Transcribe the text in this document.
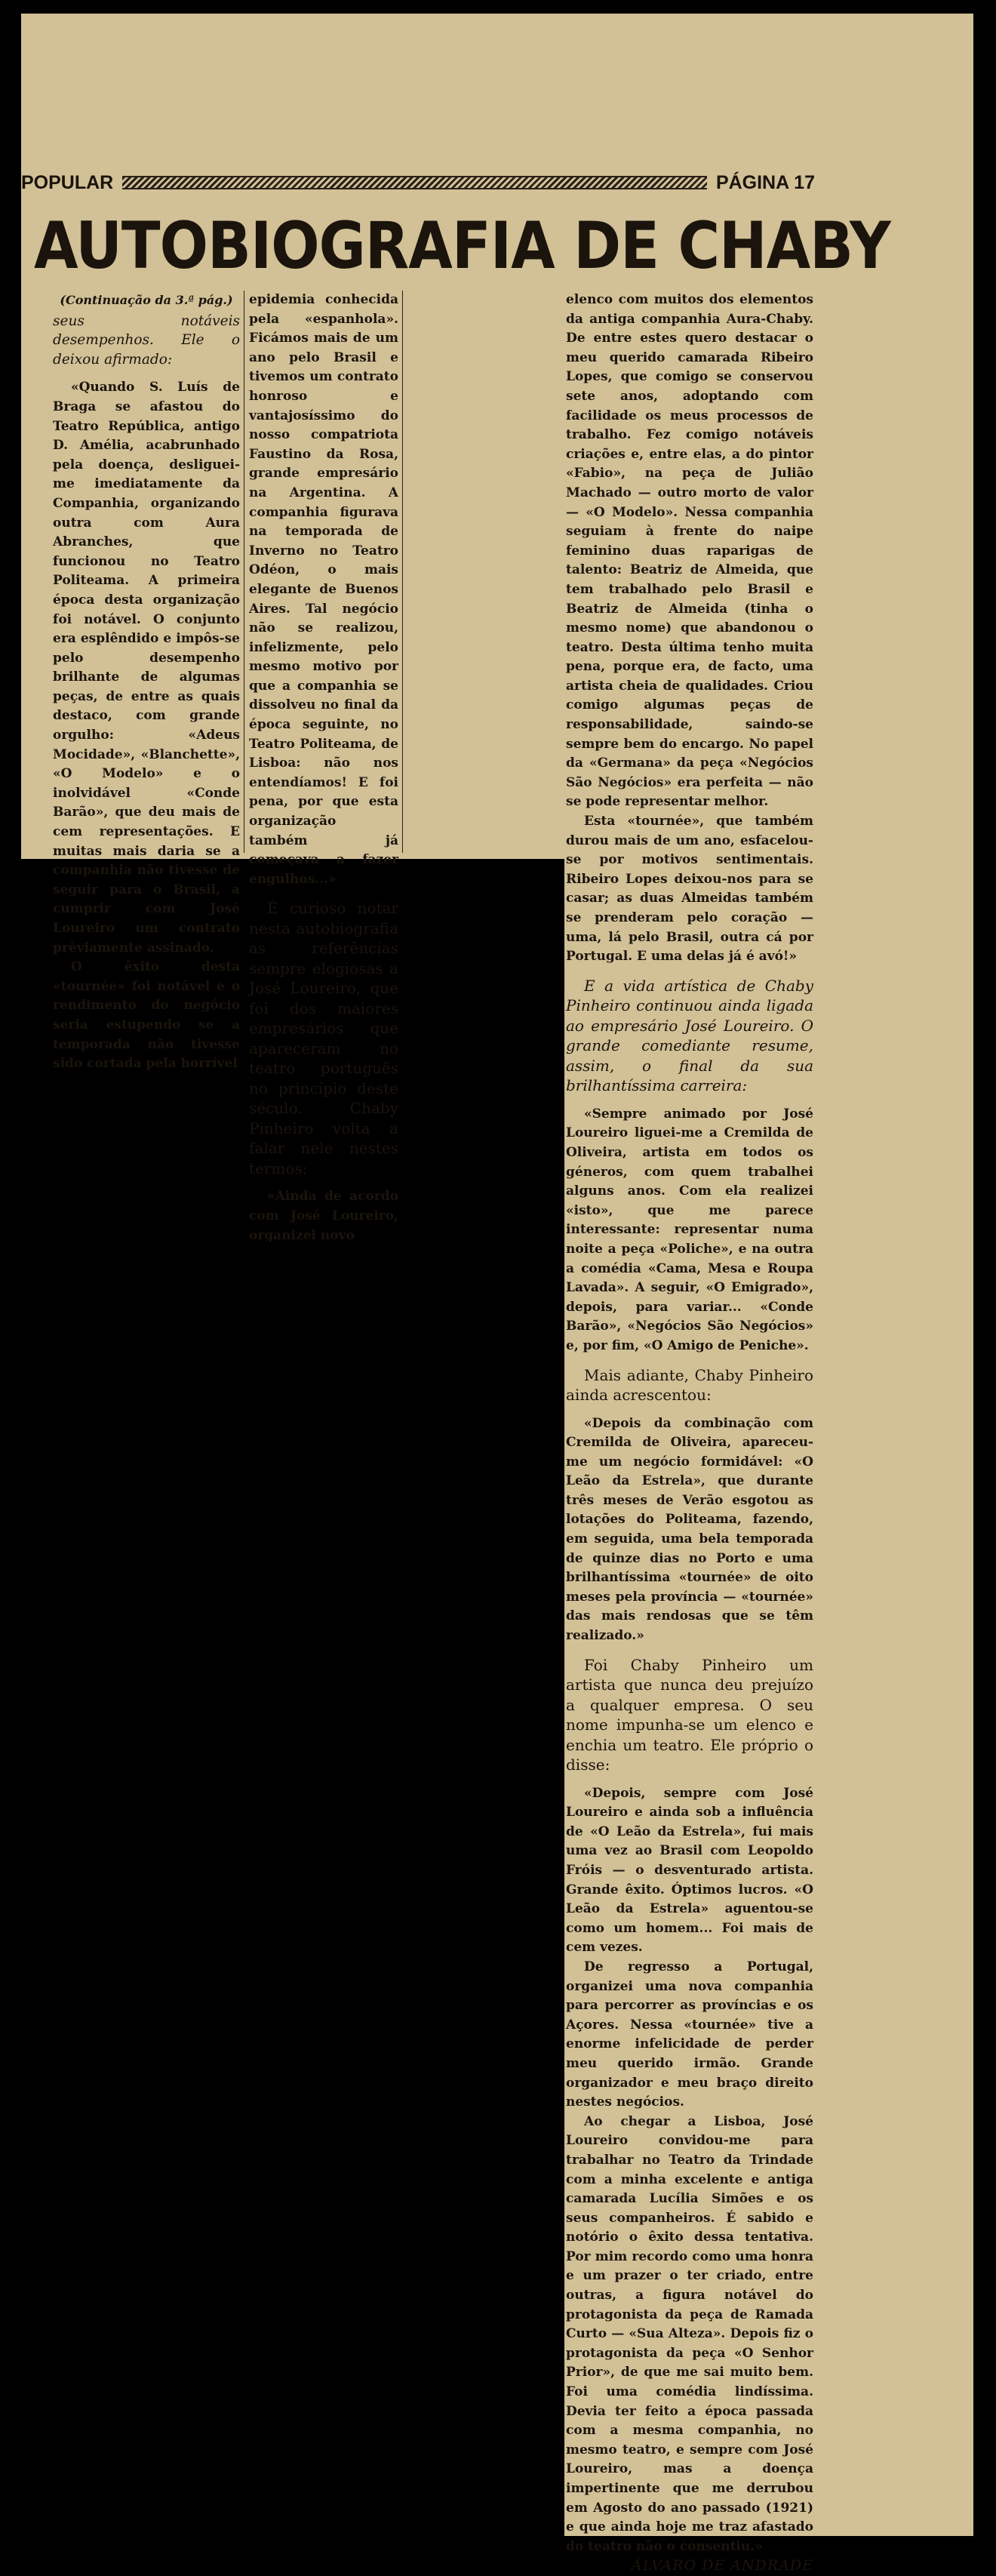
POPULAR	PÁGINA 17
AUTOBIOGRAFIA DE CHABY
(Continuação da 3.ª pág.)

seus notáveis desempenhos. Ele o deixou afirmado:

«Quando S. Luís de Braga se afastou do Teatro República, antigo D. Amélia, acabrunhado pela doença, desliguei-me imediatamente da Companhia, organizando outra com Aura Abranches, que funcionou no Teatro Politeama. A primeira época desta organização foi notável. O conjunto era esplêndido e impôs-se pelo desempenho brilhante de algumas peças, de entre as quais destaco, com grande orgulho: «Adeus Mocidade», «Blanchette», «O Modelo» e o inolvidável «Conde Barão», que deu mais de cem representações. E muitas mais daria se a companhia não tivesse de seguir para o Brasil, a cumprir com José Loureiro um contrato prèviamente assinado.

O êxito desta «tournée» foi notável e o rendimento do negócio seria estupendo se a temporada não tivesse sido cortada pela horrível

epidemia conhecida pela «espanhola». Ficámos mais de um ano pelo Brasil e tivemos um contrato honroso e vantajosíssimo do nosso compatriota Faustino da Rosa, grande empresário na Argentina. A companhia figurava na temporada de Inverno no Teatro Odéon, o mais elegante de Buenos Aires. Tal negócio não se realizou, infelizmente, pelo mesmo motivo por que a companhia se dissolveu no final da época seguinte, no Teatro Politeama, de Lisboa: não nos entendíamos! E foi pena, por que esta organização também já começava a fazer engulhos...»

É curioso notar nesta autobiografia as referências sempre elogiosas a José Loureiro, que foi dos maiores empresários que apareceram no teatro português no princípio deste século. Chaby Pinheiro volta a falar nele nestes termos:

«Ainda de acordo com José Loureiro, organizei novo

elenco com muitos dos elementos da antiga companhia Aura-Chaby. De entre estes quero destacar o meu querido camarada Ribeiro Lopes, que comigo se conservou sete anos, adoptando com facilidade os meus processos de trabalho. Fez comigo notáveis criações e, entre elas, a do pintor «Fabio», na peça de Julião Machado — outro morto de valor — «O Modelo». Nessa companhia seguiam à frente do naipe feminino duas raparigas de talento: Beatriz de Almeida, que tem trabalhado pelo Brasil e Beatriz de Almeida (tinha o mesmo nome) que abandonou o teatro. Desta última tenho muita pena, porque era, de facto, uma artista cheia de qualidades. Criou comigo algumas peças de responsabilidade, saindo-se sempre bem do encargo. No papel da «Germana» da peça «Negócios São Negócios» era perfeita — não se pode representar melhor.

Esta «tournée», que também durou mais de um ano, esfacelou-se por motivos sentimentais. Ribeiro Lopes deixou-nos para se casar; as duas Almeidas também se prenderam pelo coração — uma, lá pelo Brasil, outra cá por Portugal. E uma delas já é avó!»

E a vida artística de Chaby Pinheiro continuou ainda ligada ao empresário José Loureiro. O grande comediante resume, assim, o final da sua brilhantíssima carreira:

«Sempre animado por José Loureiro liguei-me a Cremilda de Oliveira, artista em todos os géneros, com quem trabalhei alguns anos. Com ela realizei «isto», que me parece interessante: representar numa noite a peça «Poliche», e na outra a comédia «Cama, Mesa e Roupa Lavada». A seguir, «O Emigrado», depois, para variar... «Conde Barão», «Negócios São Negócios» e, por fim, «O Amigo de Peniche».

Mais adiante, Chaby Pinheiro ainda acrescentou:

«Depois da combinação com Cremilda de Oliveira, apareceu-me um negócio formidável: «O Leão da Estrela», que durante três meses de Verão esgotou as lotações do Politeama, fazendo, em seguida, uma bela temporada de quinze dias no Porto e uma brilhantíssima «tournée» de oito meses pela província — «tournée» das mais rendosas que se têm realizado.»

Foi Chaby Pinheiro um artista que nunca deu prejuízo a qualquer empresa. O seu nome impunha-se um elenco e enchia um teatro. Ele próprio o disse:

«Depois, sempre com José Loureiro e ainda sob a influência de «O Leão da Estrela», fui mais uma vez ao Brasil com Leopoldo Fróis — o desventurado artista. Grande êxito. Óptimos lucros. «O Leão da Estrela» aguentou-se como um homem... Foi mais de cem vezes.

De regresso a Portugal, organizei uma nova companhia para percorrer as províncias e os Açores. Nessa «tournée» tive a enorme infelicidade de perder meu querido irmão. Grande organizador e meu braço direito nestes negócios.

Ao chegar a Lisboa, José Loureiro convidou-me para trabalhar no Teatro da Trindade com a minha excelente e antiga camarada Lucília Simões e os seus companheiros. É sabido e notório o êxito dessa tentativa. Por mim recordo como uma honra e um prazer o ter criado, entre outras, a figura notável do protagonista da peça de Ramada Curto — «Sua Alteza». Depois fiz o protagonista da peça «O Senhor Prior», de que me sai muito bem. Foi uma comédia lindíssima. Devia ter feito a época passada com a mesma companhia, no mesmo teatro, e sempre com José Loureiro, mas a doença impertinente que me derrubou em Agosto do ano passado (1921) e que ainda hoje me traz afastado do teatro não o consentiu.»

ÁLVARO DE ANDRADE
